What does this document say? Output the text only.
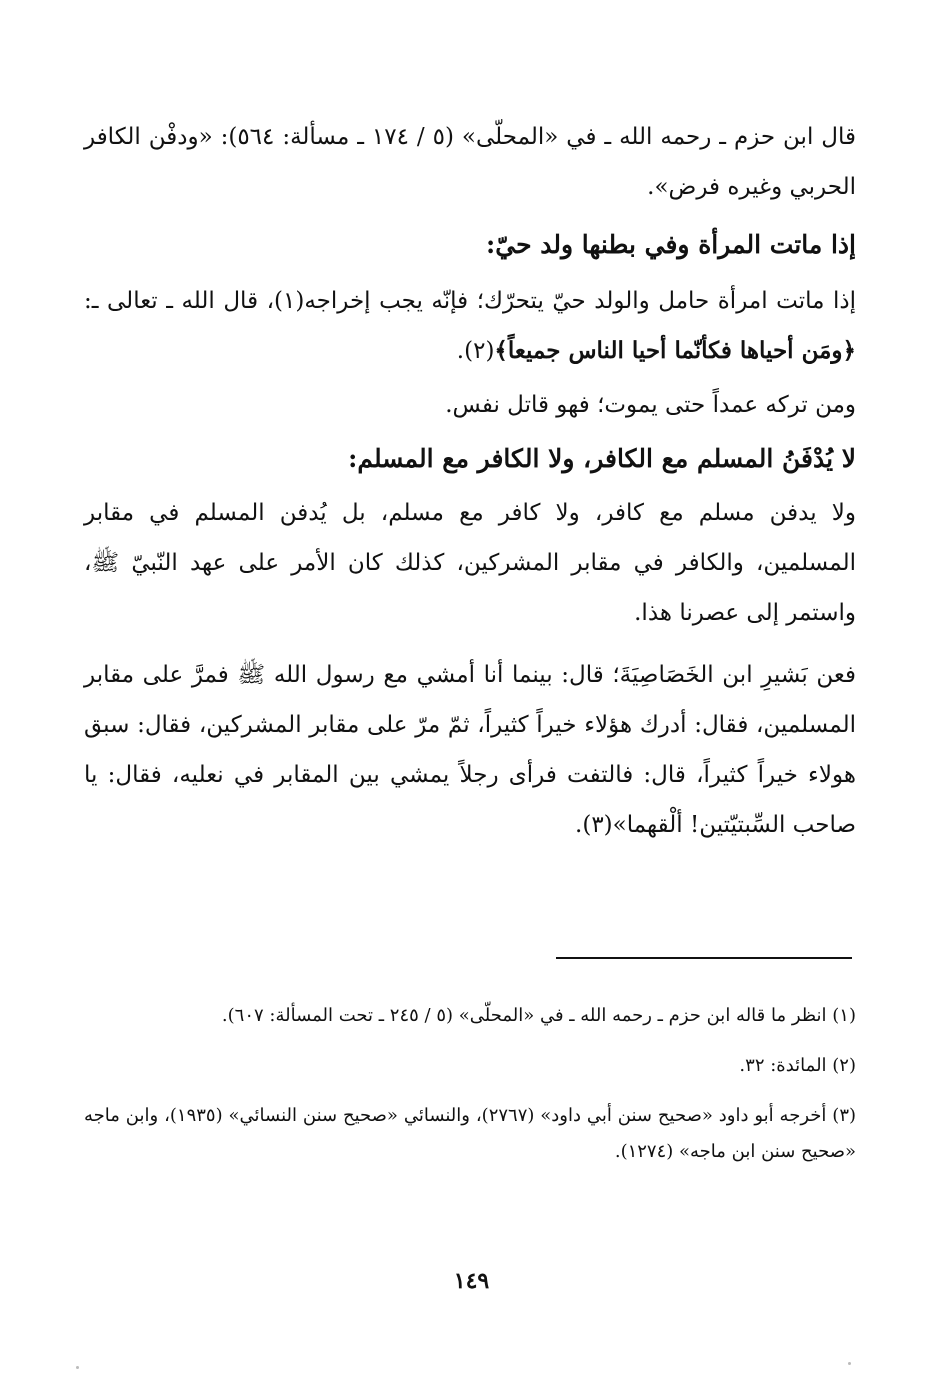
قال ابن حزم ـ رحمه الله ـ في «المحلّى» (٥ / ١٧٤ ـ مسألة: ٥٦٤): «ودفْن الكافر الحربي وغيره فرض».

إذا ماتت المرأة وفي بطنها ولد حيّ:

إذا ماتت امرأة حامل والولد حيّ يتحرّك؛ فإنّه يجب إخراجه(١)، قال الله ـ تعالى ـ: ﴿ومَن أحياها فكأنّما أحيا الناس جميعاً﴾(٢).

ومن تركه عمداً حتى يموت؛ فهو قاتل نفس.

لا يُدْفَنُ المسلم مع الكافر، ولا الكافر مع المسلم:

ولا يدفن مسلم مع كافر، ولا كافر مع مسلم، بل يُدفن المسلم في مقابر المسلمين، والكافر في مقابر المشركين، كذلك كان الأمر على عهد النّبيّ ﷺ، واستمر إلى عصرنا هذا.

فعن بَشيرِ ابن الخَصَاصِيَةَ؛ قال: بينما أنا أمشي مع رسول الله ﷺ فمرَّ على مقابر المسلمين، فقال: أدرك هؤلاء خيراً كثيراً، ثمّ مرّ على مقابر المشركين، فقال: سبق هولاء خيراً كثيراً، قال: فالتفت فرأى رجلاً يمشي بين المقابر في نعليه، فقال: يا صاحب السِّبتيّتين! ألْقهما»(٣).

(١) انظر ما قاله ابن حزم ـ رحمه الله ـ في «المحلّى» (٥ / ٢٤٥ ـ تحت المسألة: ٦٠٧).

(٢) المائدة: ٣٢.

(٣) أخرجه أبو داود «صحيح سنن أبي داود» (٢٧٦٧)، والنسائي «صحيح سنن النسائي» (١٩٣٥)، وابن ماجه «صحيح سنن ابن ماجه» (١٢٧٤).

١٤٩
